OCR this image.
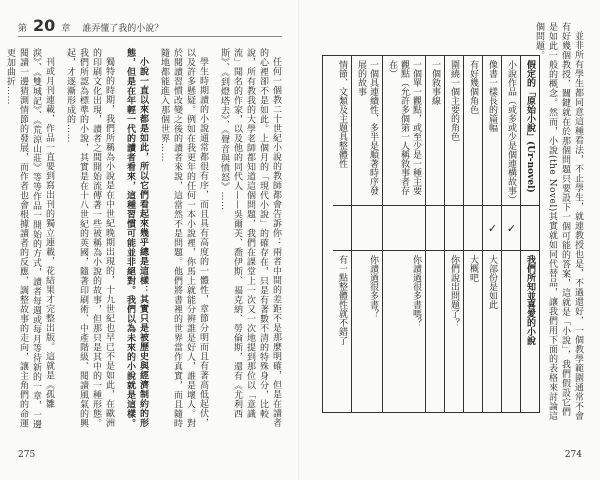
第 20 章 誰弄懂了我的小說？

任何一個教二十世紀小說的教師都會告訴你：兩者中間的差距不是那麼明確，但是在讀者的心裡卻不是如此。上個月的「現代小說」的確存在，只是有著數不清的特殊身分，比較說，所有教我的大學老師都知道這個問題，我們在課堂上一次又一次地提到那位以「意識流」聞名的作家，以及他的同代人——吳爾芙、喬伊斯、福克納、勞倫斯，還有《尤利西斯》、《到燈塔去》、《聲音與憤怒》……

學生時期讀的小說通常都很有序，而且具有高度的一體性，章節分明而且有著高低起伏，以及許多懸疑。例如在我更年的任何一本小說裡，你馬上就能分辨誰是好人，誰是壞人。對於閱讀習慣改變之後的讀者來說，這當然不是問題。他們將書裡的世界當作真實，而且隨時隨地都能進入那個世界……

小說一直以來都是如此，所以它們看起來幾乎總是這樣：其實只是被歷史與經濟制約的形態，但是在年輕一代的讀者看來，這種習慣可能並非絕對。我們以為未來的小說就是這樣。

獨特的時期，我們所稱為小說是在中世紀晚期出現的，十九世紀也早已不是如此，在歐洲的印刷文化出現，讀者之間開始流傳著一些被稱為小說的故事，但那只是其中的一種形態。我們所認為標準的小說，其實是在十八世紀的英國，隨著印刷術、中產階級、閱讀風氣的興起，才逐漸形成的……

刊或月刊連載，作品一直要到寫出刊的獨立連載，花結果才完整出版。這就是《孤雛淚》、《雙城記》、《荒涼山莊》等等作品一開始的方式，讀者每週或每月等待新的一章，一邊閱讀一邊猜測情節的發展，而作者也會根據讀者的反應，調整故事的走向，讓主角們的命運更加曲折……

275

並非所有學生都同意這種看法，不止學生，就連教授也是，不過還好，一個教學範圍通常不會有好幾個教授，關鍵就在於那個問題只要設下一個可能的答案，這就是「小說」，我們假設它們是如此一般的概念。然而，小說(the Novel)其實就如同代替品，讓我們用下面的表格來討論這個問題。

假定的「原始小說」(Ur-novel)
我們所知並喜愛的小說
小說作品（或多或少是個連構故事）
✓
像書一樣長的篇幅
✓
大部份是如此
有好幾個角色
大概吧
圍繞一個主要的角色
你們說出問題了？
一個敘事線
一個單一觀點，或至少是一種主要觀點（允許多個第一人稱敘事者存在）
你讀過很多書嗎？
一個具連續性、多半是順著時序發展的故事
你讀過很多書？
情節、文類及主題具整體性
有一點整體性就不錯了
274
